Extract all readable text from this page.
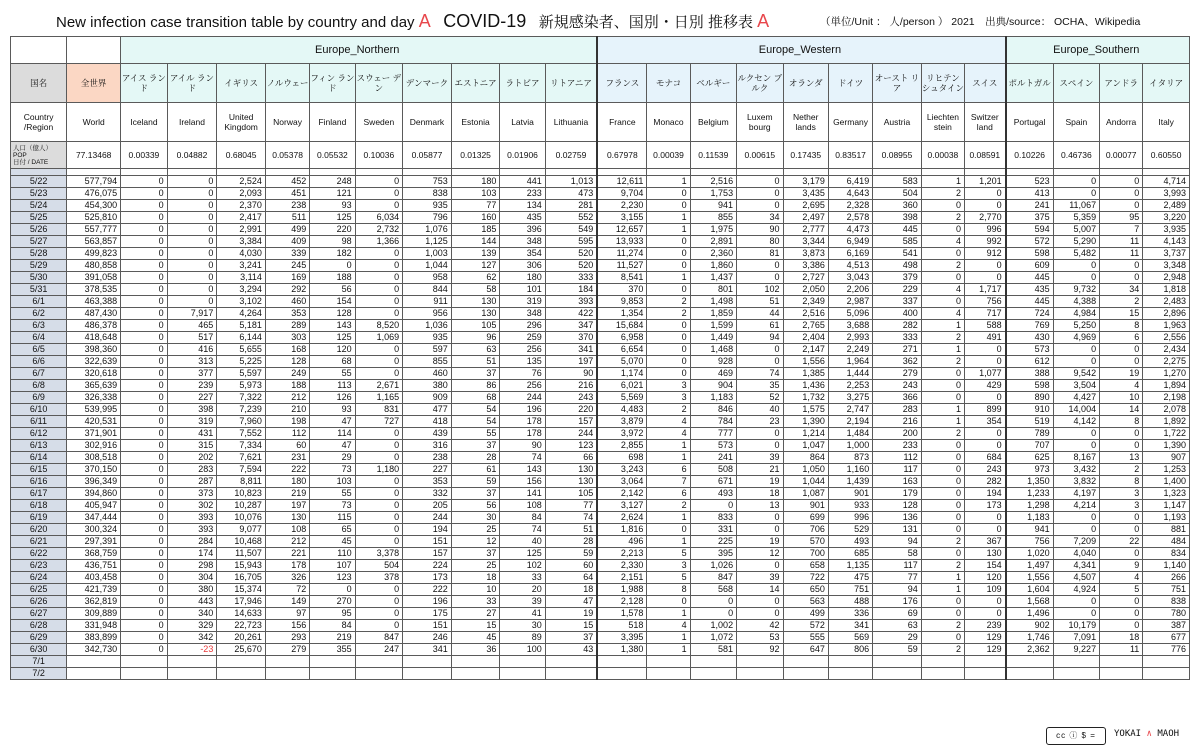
New infection case transition table by country and day A COVID-19 新規感染者、国別・日別 推移表 A	（単位/Unit ： 人/person ） 2021　出典/source： OCHA、Wikipedia
		Europe_Northern										Europe_Western									Europe_Southern			
国名	全世界	アイス ランド	アイル ランド	イギリス	ノルウェー	フィン ランド	スウェー デン	デンマーク	エストニア	ラトビア	リトアニア	フランス	モナコ	ベルギー	ルクセン ブルク	オランダ	ドイツ	オースト リア	リヒテン シュタイン	スイス	ポルトガル	スペイン	アンドラ	イタリア
Country /Region	World	Iceland	Ireland	United Kingdom	Norway	Finland	Sweden	Denmark	Estonia	Latvia	Lithuania	France	Monaco	Belgium	Luxem bourg	Nether lands	Germany	Austria	Liechten stein	Switzer land	Portugal	Spain	Andorra	Italy

人口（億人）
POP
日付 / DATE	77.13468	0.00339	0.04882	0.68045	0.05378	0.05532	0.10036	0.05877	0.01325	0.01906	0.02759	0.67978	0.00039	0.11539	0.00615	0.17435	0.83517	0.08955	0.00038	0.08591	0.10226	0.46736	0.00077	0.60550

5/22	577,794	0	0	2,524	452	248	0	753	180	441	1,013	12,611	1	2,516	0	3,179	6,419	583	1	1,201	523	0	0	4,714
5/23	476,075	0	0	2,093	451	121	0	838	103	233	473	9,704	0	1,753	0	3,435	4,643	504	2	0	413	0	0	3,993
5/24	454,300	0	0	2,370	238	93	0	935	77	134	281	2,230	0	941	0	2,695	2,328	360	0	0	241	11,067	0	2,489
5/25	525,810	0	0	2,417	511	125	6,034	796	160	435	552	3,155	1	855	34	2,497	2,578	398	2	2,770	375	5,359	95	3,220
5/26	557,777	0	0	2,991	499	220	2,732	1,076	185	396	549	12,657	1	1,975	90	2,777	4,473	445	0	996	594	5,007	7	3,935
5/27	563,857	0	0	3,384	409	98	1,366	1,125	144	348	595	13,933	0	2,891	80	3,344	6,949	585	4	992	572	5,290	11	4,143
5/28	499,823	0	0	4,030	339	182	0	1,003	139	354	520	11,274	0	2,360	81	3,873	6,169	541	0	912	598	5,482	11	3,737
5/29	480,858	0	0	3,241	245	0	0	1,044	127	306	520	11,527	0	1,860	0	3,386	4,513	498	2	0	609	0	0	3,348
5/30	391,058	0	0	3,114	169	188	0	958	62	180	333	8,541	1	1,437	0	2,727	3,043	379	0	0	445	0	0	2,948
5/31	378,535	0	0	3,294	292	56	0	844	58	101	184	370	0	801	102	2,050	2,206	229	4	1,717	435	9,732	34	1,818
6/1	463,388	0	0	3,102	460	154	0	911	130	319	393	9,853	2	1,498	51	2,349	2,987	337	0	756	445	4,388	2	2,483
6/2	487,430	0	7,917	4,264	353	128	0	956	130	348	422	1,354	2	1,859	44	2,516	5,096	400	4	717	724	4,984	15	2,896
6/3	486,378	0	465	5,181	289	143	8,520	1,036	105	296	347	15,684	0	1,599	61	2,765	3,688	282	1	588	769	5,250	8	1,963
6/4	418,648	0	517	6,144	303	125	1,069	935	96	259	370	6,958	0	1,449	94	2,404	2,993	333	2	491	430	4,969	6	2,556
6/5	398,360	0	416	5,655	168	120	0	597	63	256	341	6,654	0	1,468	0	2,147	2,249	271	1	0	573	0	0	2,434
6/6	322,639	0	313	5,225	128	68	0	855	51	135	197	5,070	0	928	0	1,556	1,964	362	2	0	612	0	0	2,275
6/7	320,618	0	377	5,597	249	55	0	460	37	76	90	1,174	0	469	74	1,385	1,444	279	0	1,077	388	9,542	19	1,270
6/8	365,639	0	239	5,973	188	113	2,671	380	86	256	216	6,021	3	904	35	1,436	2,253	243	0	429	598	3,504	4	1,894
6/9	326,338	0	227	7,322	212	126	1,165	909	68	244	243	5,569	3	1,183	52	1,732	3,275	366	0	0	890	4,427	10	2,198
6/10	539,995	0	398	7,239	210	93	831	477	54	196	220	4,483	2	846	40	1,575	2,747	283	1	899	910	14,004	14	2,078
6/11	420,531	0	319	7,960	198	47	727	418	54	178	157	3,879	4	784	23	1,390	2,194	216	1	354	519	4,142	8	1,892
6/12	371,901	0	431	7,552	112	114	0	439	55	178	244	3,972	4	777	0	1,214	1,484	200	2	0	789	0	0	1,722
6/13	302,916	0	315	7,334	60	47	0	316	37	90	123	2,855	1	573	0	1,047	1,000	233	0	0	707	0	0	1,390
6/14	308,518	0	202	7,621	231	29	0	238	28	74	66	698	1	241	39	864	873	112	0	684	625	8,167	13	907
6/15	370,150	0	283	7,594	222	73	1,180	227	61	143	130	3,243	6	508	21	1,050	1,160	117	0	243	973	3,432	2	1,253
6/16	396,349	0	287	8,811	180	103	0	353	59	156	130	3,064	7	671	19	1,044	1,439	163	0	282	1,350	3,832	8	1,400
6/17	394,860	0	373	10,823	219	55	0	332	37	141	105	2,142	6	493	18	1,087	901	179	0	194	1,233	4,197	3	1,323
6/18	405,947	0	302	10,287	197	73	0	205	56	108	77	3,127	2	0	13	901	933	128	0	173	1,298	4,214	3	1,147
6/19	347,444	0	393	10,076	130	115	0	244	30	84	74	2,624	1	833	0	699	996	136	0	0	1,183	0	0	1,193
6/20	300,324	0	393	9,077	108	65	0	194	25	74	51	1,816	0	331	0	706	529	131	0	0	941	0	0	881
6/21	297,391	0	284	10,468	212	45	0	151	12	40	28	496	1	225	19	570	493	94	2	367	756	7,209	22	484
6/22	368,759	0	174	11,507	221	110	3,378	157	37	125	59	2,213	5	395	12	700	685	58	0	130	1,020	4,040	0	834
6/23	436,751	0	298	15,943	178	107	504	224	25	102	60	2,330	3	1,026	0	658	1,135	117	2	154	1,497	4,341	9	1,140
6/24	403,458	0	304	16,705	326	123	378	173	18	33	64	2,151	5	847	39	722	475	77	1	120	1,556	4,507	4	266
6/25	421,739	0	380	15,374	72	0	0	222	10	20	18	1,988	8	568	14	650	751	94	1	109	1,604	4,924	5	751
6/26	362,819	0	443	17,946	149	270	0	196	33	39	47	2,128	0	0	0	563	488	176	0	0	1,568	0	0	838
6/27	309,889	0	340	14,633	97	95	0	175	27	41	19	1,578	1	0	0	499	336	69	0	0	1,496	0	0	780
6/28	331,948	0	329	22,723	156	84	0	151	15	30	15	518	4	1,002	42	572	341	63	2	239	902	10,179	0	387
6/29	383,899	0	342	20,261	293	219	847	246	45	89	37	3,395	1	1,072	53	555	569	29	0	129	1,746	7,091	18	677
6/30	342,730	0	-23	25,670	279	355	247	341	36	100	43	1,380	1	581	92	647	806	59	2	129	2,362	9,227	11	776
7/1																								
7/2																								
cc ⓘ $ =	YOKAI ∧ MAOH
